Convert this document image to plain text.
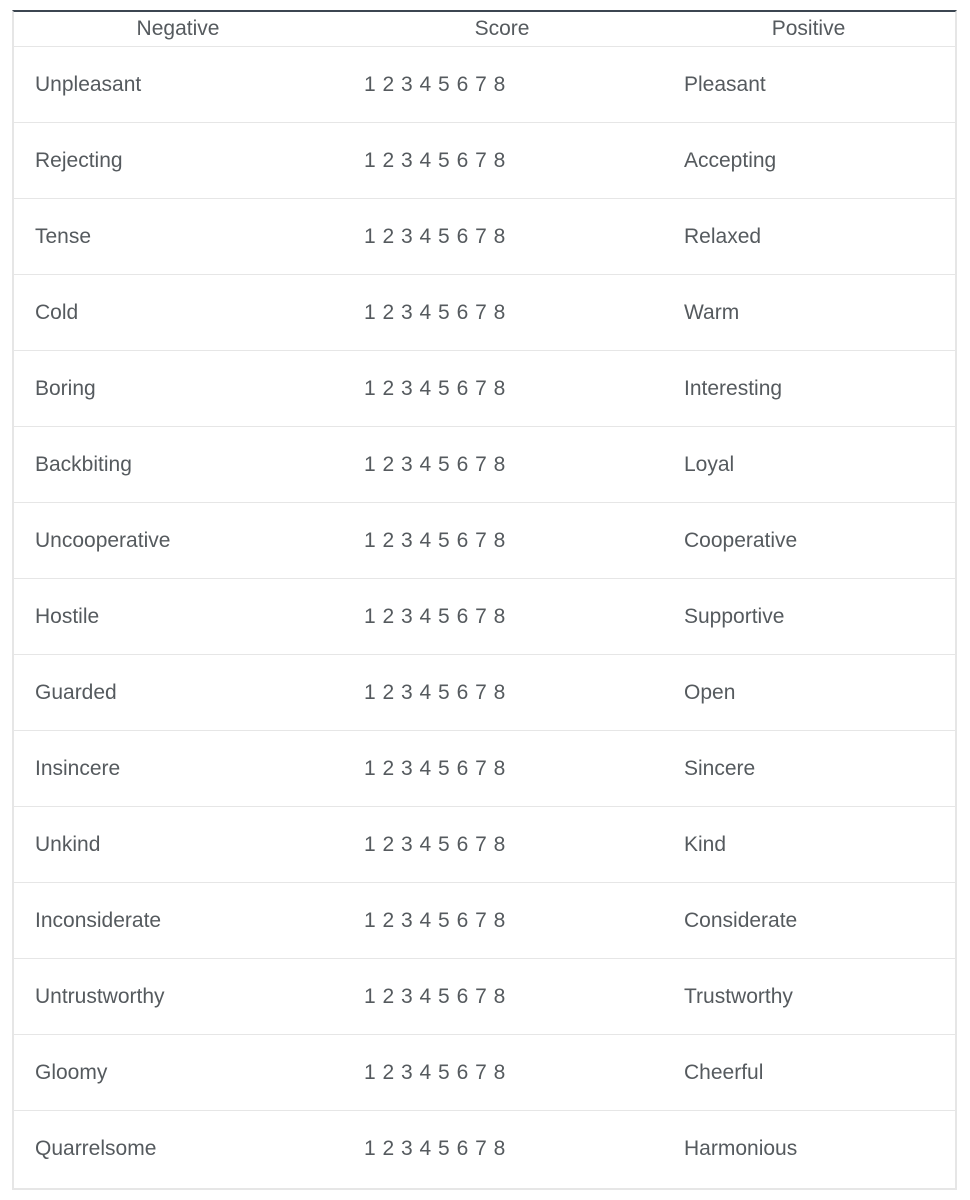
Negative	Score	Positive
Unpleasant	1 2 3 4 5 6 7 8	Pleasant
Rejecting	1 2 3 4 5 6 7 8	Accepting
Tense	1 2 3 4 5 6 7 8	Relaxed
Cold	1 2 3 4 5 6 7 8	Warm
Boring	1 2 3 4 5 6 7 8	Interesting
Backbiting	1 2 3 4 5 6 7 8	Loyal
Uncooperative	1 2 3 4 5 6 7 8	Cooperative
Hostile	1 2 3 4 5 6 7 8	Supportive
Guarded	1 2 3 4 5 6 7 8	Open
Insincere	1 2 3 4 5 6 7 8	Sincere
Unkind	1 2 3 4 5 6 7 8	Kind
Inconsiderate	1 2 3 4 5 6 7 8	Considerate
Untrustworthy	1 2 3 4 5 6 7 8	Trustworthy
Gloomy	1 2 3 4 5 6 7 8	Cheerful
Quarrelsome	1 2 3 4 5 6 7 8	Harmonious
